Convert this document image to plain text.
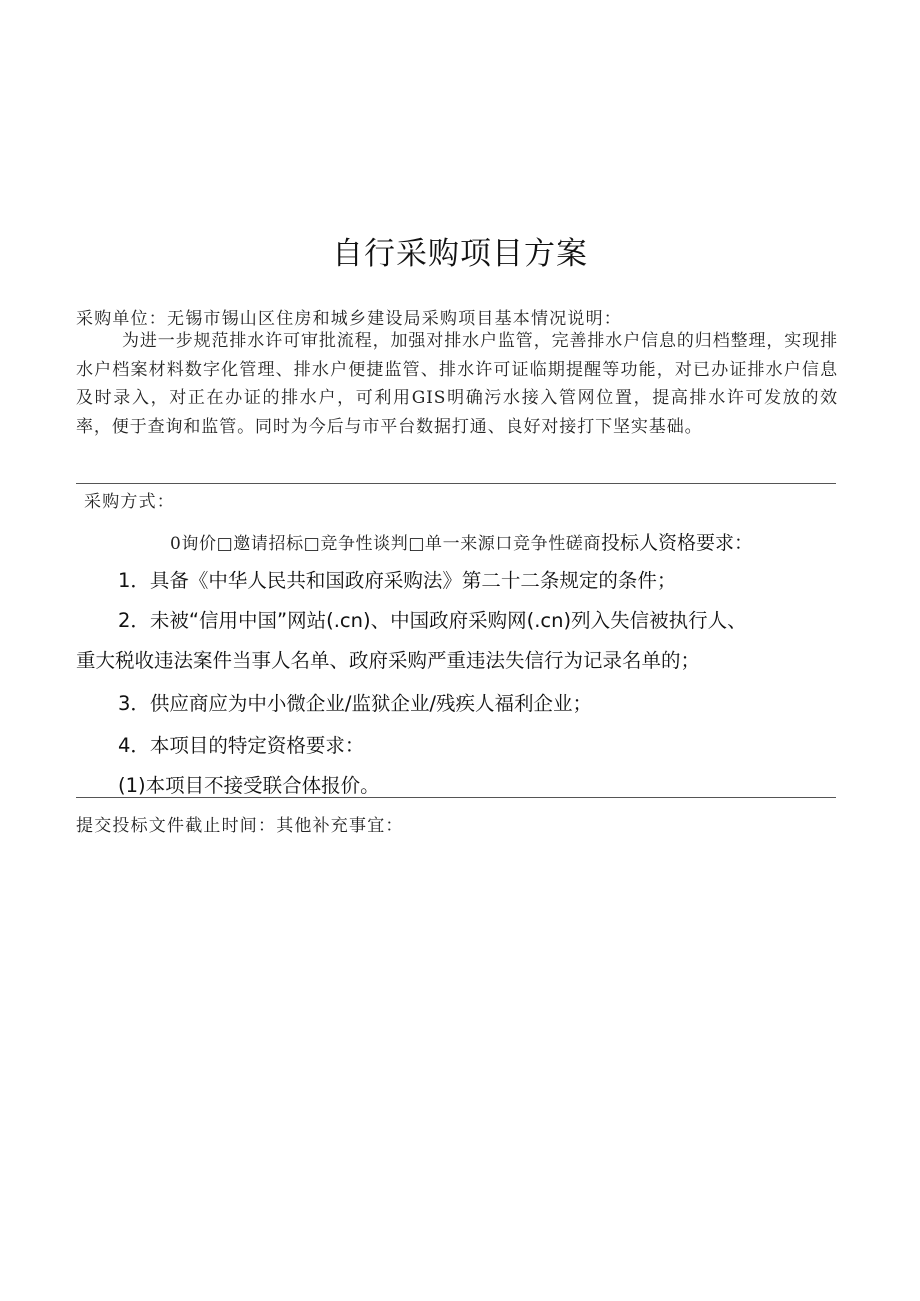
自行采购项目方案
采购单位：无锡市锡山区住房和城乡建设局采购项目基本情况说明：
为进一步规范排水许可审批流程，加强对排水户监管，完善排水户信息的归档整理，实现排水户档案材料数字化管理、排水户便捷监管、排水许可证临期提醒等功能，对已办证排水户信息及时录入，对正在办证的排水户，可利用GIS明确污水接入管网位置，提高排水许可发放的效率，便于查询和监管。同时为今后与市平台数据打通、良好对接打下坚实基础。
采购方式：
0询价□邀请招标□竞争性谈判□单一来源口竞争性磋商投标人资格要求：
1．具备《中华人民共和国政府采购法》第二十二条规定的条件；
2．未被“信用中国”网站(.cn)、中国政府采购网(.cn)列入失信被执行人、
重大税收违法案件当事人名单、政府采购严重违法失信行为记录名单的；
3．供应商应为中小微企业/监狱企业/残疾人福利企业；
4．本项目的特定资格要求：
(1)本项目不接受联合体报价。
提交投标文件截止时间：其他补充事宜：
